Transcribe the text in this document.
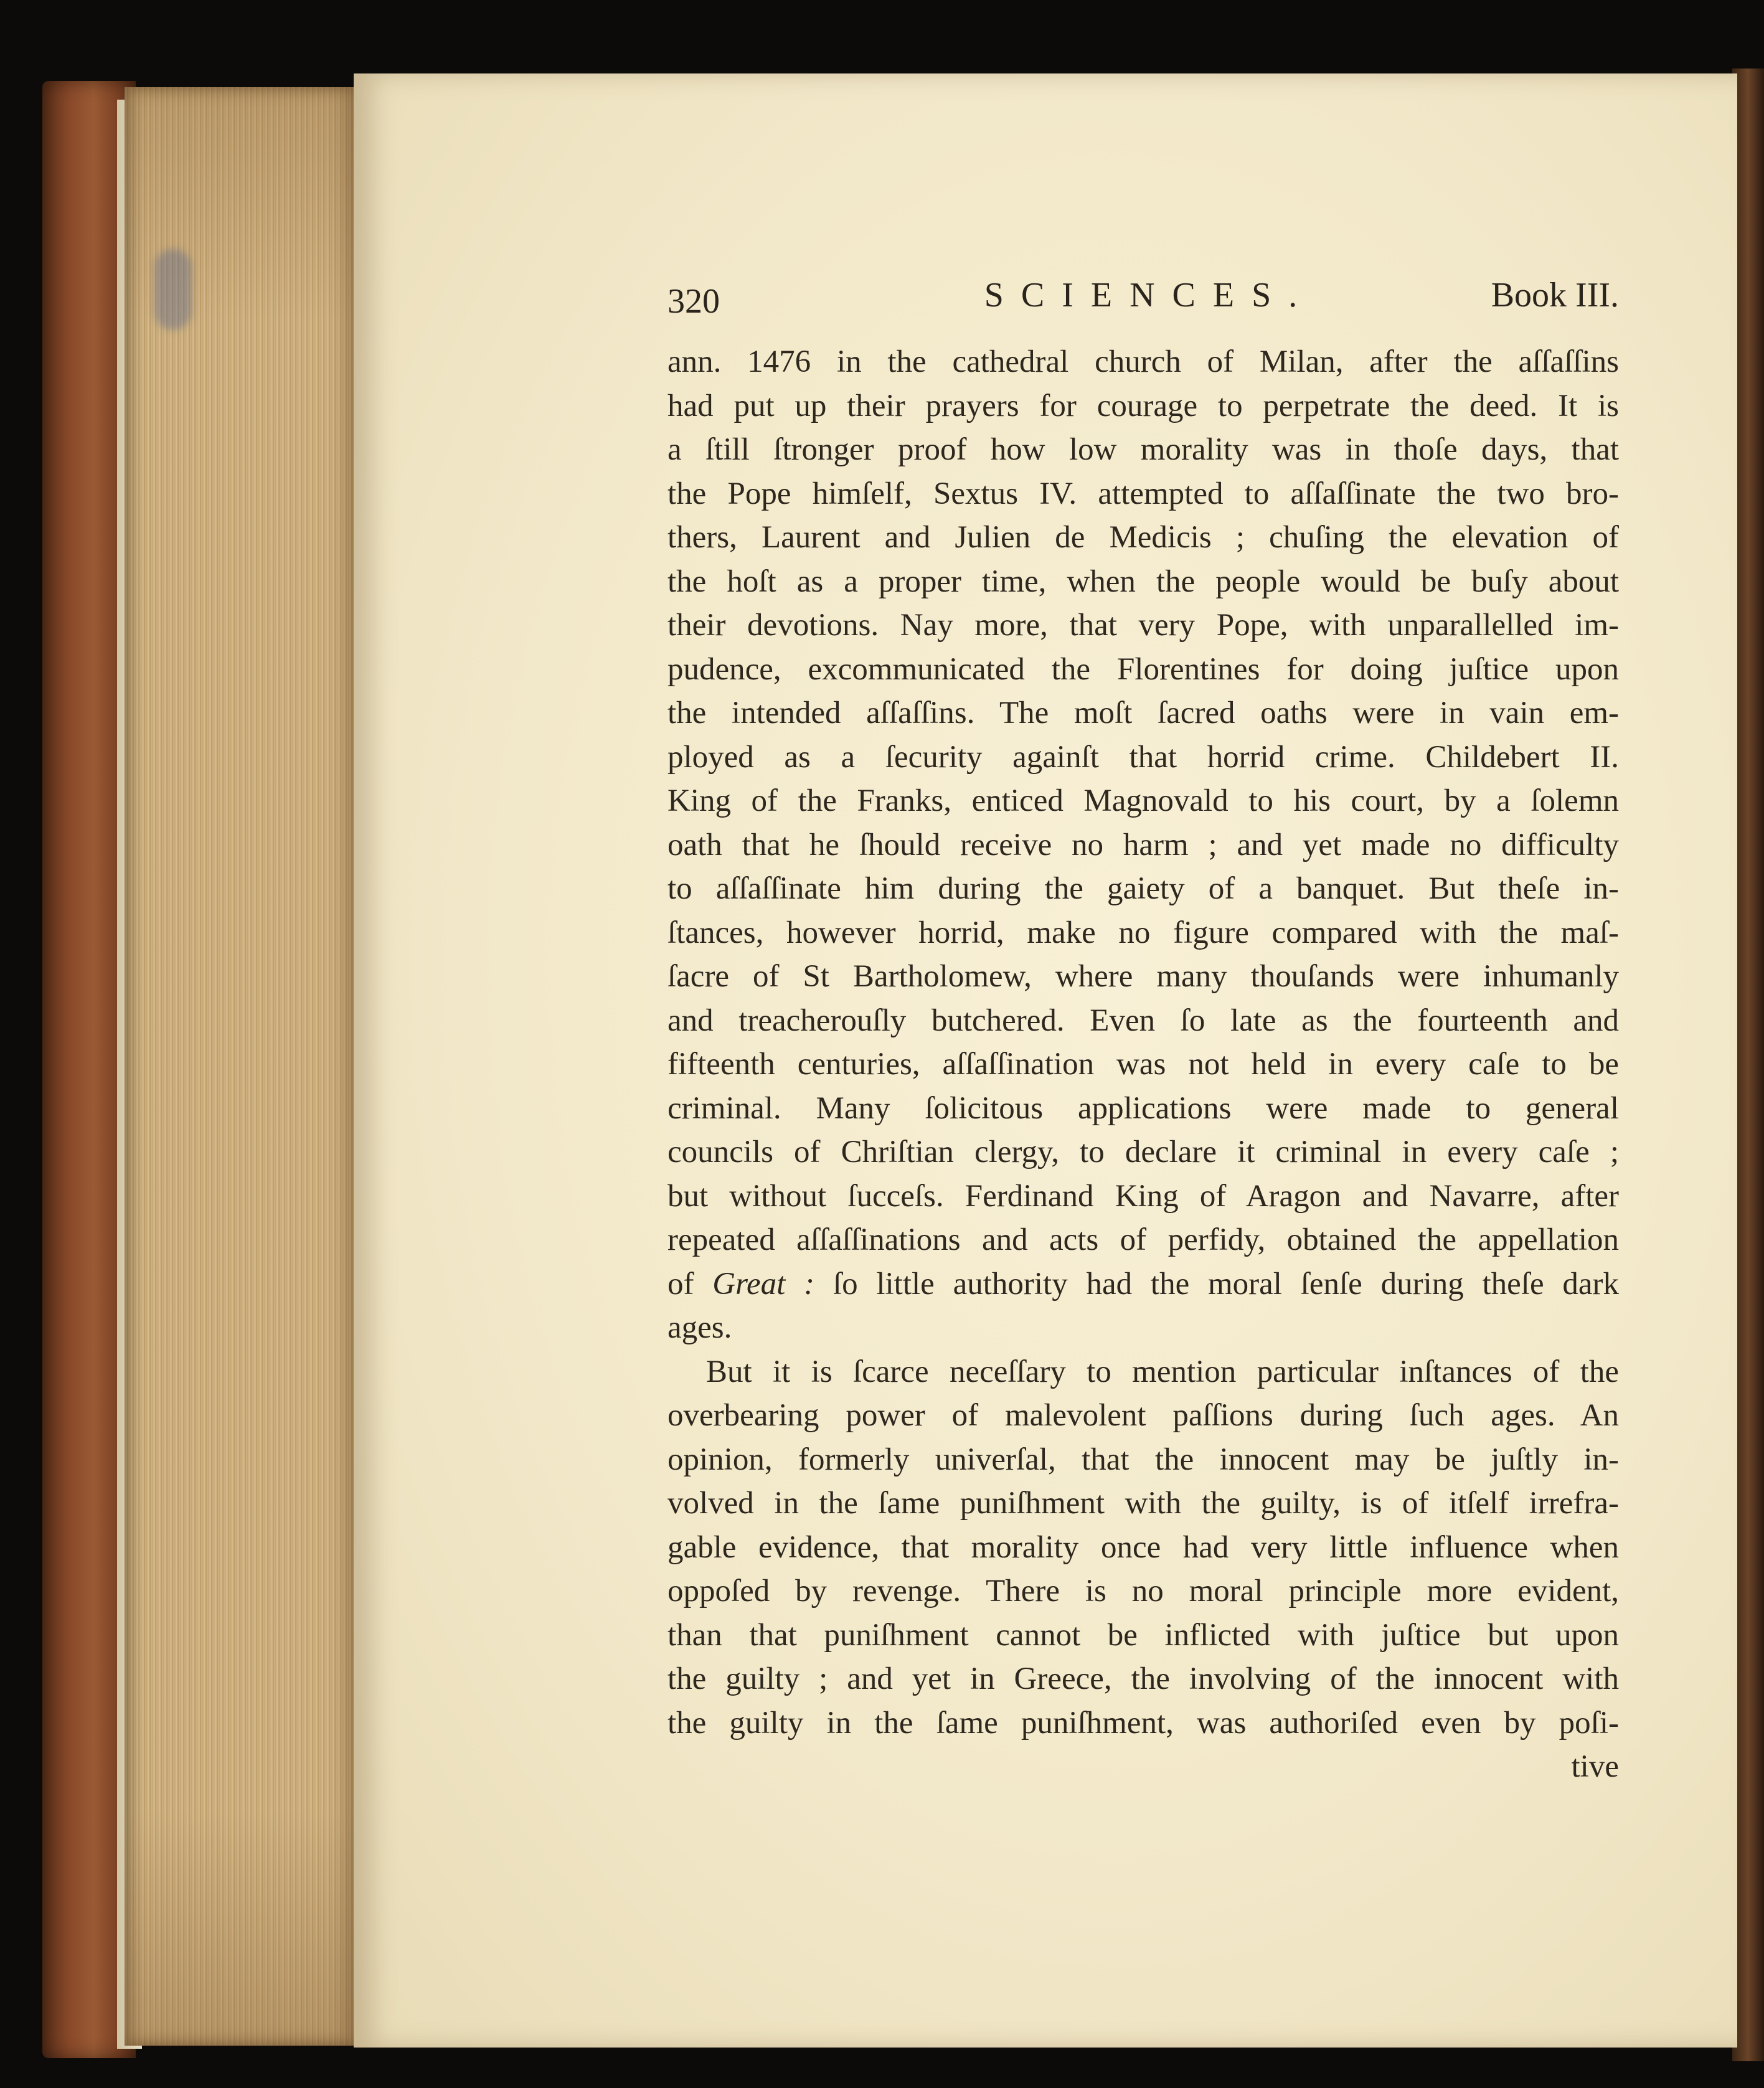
320	SCIENCES.	Book III.
ann. 1476 in the cathedral church of Milan, after the aſſaſſins
had put up their prayers for courage to perpetrate the deed. It is
a ſtill ſtronger proof how low morality was in thoſe days, that
the Pope himſelf, Sextus IV. attempted to aſſaſſinate the two bro-
thers, Laurent and Julien de Medicis ; chuſing the elevation of
the hoſt as a proper time, when the people would be buſy about
their devotions. Nay more, that very Pope, with unparallelled im-
pudence, excommunicated the Florentines for doing juſtice upon
the intended aſſaſſins. The moſt ſacred oaths were in vain em-
ployed as a ſecurity againſt that horrid crime. Childebert II.
King of the Franks, enticed Magnovald to his court, by a ſolemn
oath that he ſhould receive no harm ; and yet made no difficulty
to aſſaſſinate him during the gaiety of a banquet. But theſe in-
ſtances, however horrid, make no figure compared with the maſ-
ſacre of St Bartholomew, where many thouſands were inhumanly
and treacherouſly butchered. Even ſo late as the fourteenth and
fifteenth centuries, aſſaſſination was not held in every caſe to be
criminal. Many ſolicitous applications were made to general
councils of Chriſtian clergy, to declare it criminal in every caſe ;
but without ſucceſs. Ferdinand King of Aragon and Navarre, after
repeated aſſaſſinations and acts of perfidy, obtained the appellation
of Great : ſo little authority had the moral ſenſe during theſe dark
ages.
But it is ſcarce neceſſary to mention particular inſtances of the
overbearing power of malevolent paſſions during ſuch ages. An
opinion, formerly univerſal, that the innocent may be juſtly in-
volved in the ſame puniſhment with the guilty, is of itſelf irrefra-
gable evidence, that morality once had very little influence when
oppoſed by revenge. There is no moral principle more evident,
than that puniſhment cannot be inflicted with juſtice but upon
the guilty ; and yet in Greece, the involving of the innocent with
the guilty in the ſame puniſhment, was authoriſed even by poſi-
tive
